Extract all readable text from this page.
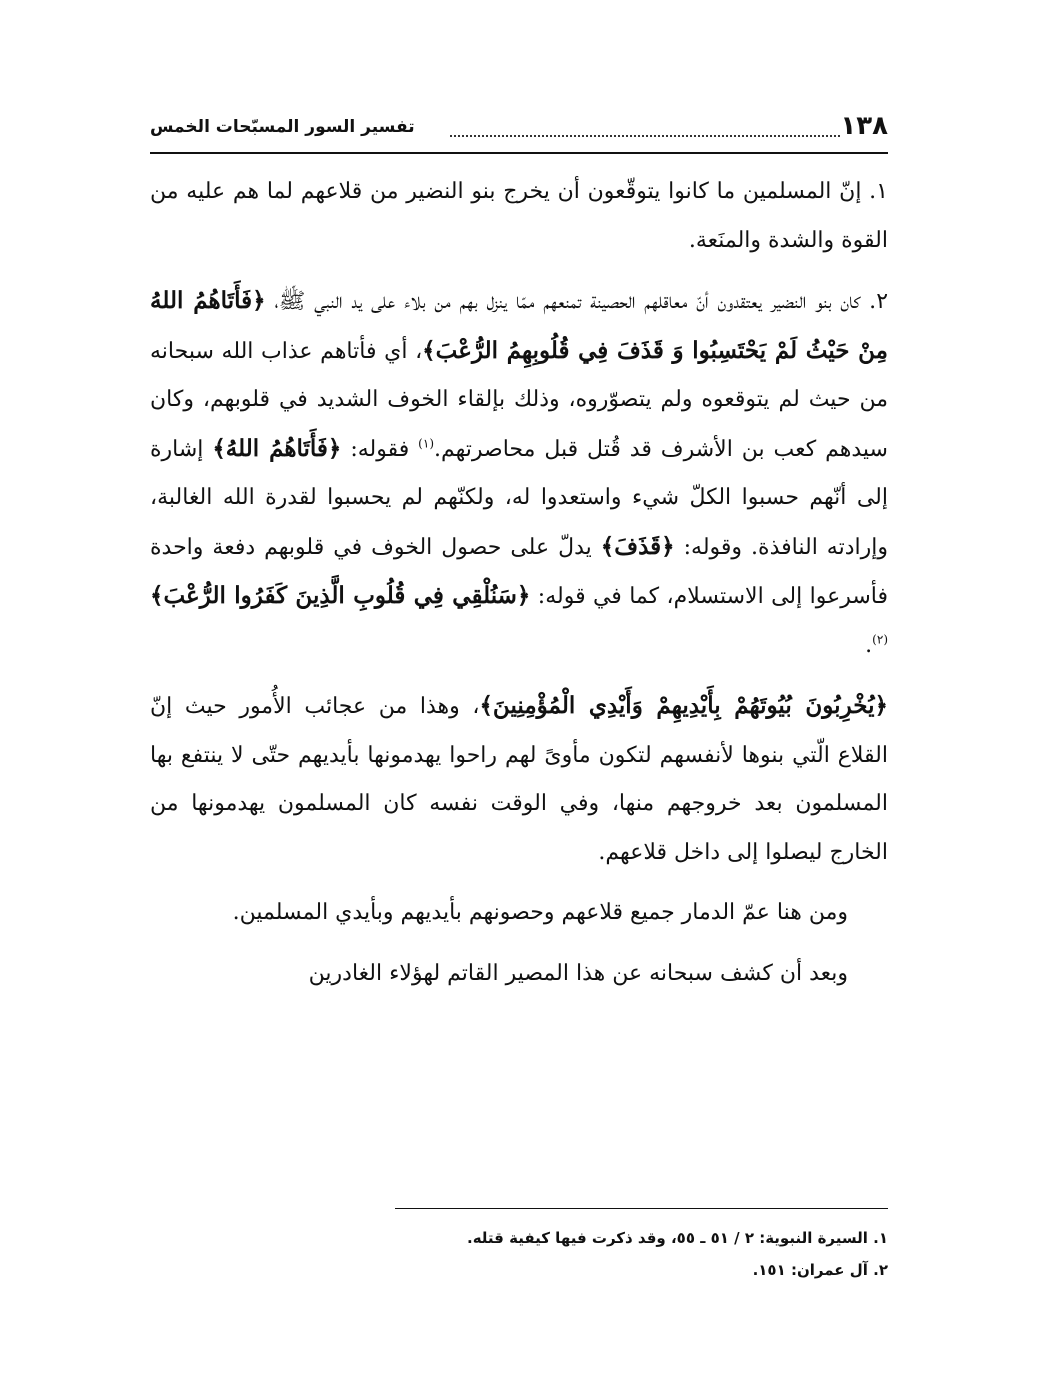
١٣٨
تفسير السور المسبّحات الخمس

١. إنّ المسلمين ما كانوا يتوقّعون أن يخرج بنو النضير من قلاعهم لما هم عليه من القوة والشدة والمنَعة.

٢. كان بنو النضير يعتقدون أنّ معاقلهم الحصينة تمنعهم ممّا ينزل بهم من بلاء على يد النبي ﷺ، ﴿فَأَتَاهُمُ اللهُ مِنْ حَيْثُ لَمْ يَحْتَسِبُوا وَ قَذَفَ فِي قُلُوبِهِمُ الرُّعْبَ﴾، أي فأتاهم عذاب الله سبحانه من حيث لم يتوقعوه ولم يتصوّروه، وذلك بإلقاء الخوف الشديد في قلوبهم، وكان سيدهم كعب بن الأشرف قد قُتل قبل محاصرتهم.$^{(١)}$ فقوله: ﴿فَأَتَاهُمُ اللهُ﴾ إشارة إلى أنّهم حسبوا الكلّ شيء واستعدوا له، ولكنّهم لم يحسبوا لقدرة الله الغالبة، وإرادته النافذة. وقوله: ﴿قَذَفَ﴾ يدلّ على حصول الخوف في قلوبهم دفعة واحدة فأسرعوا إلى الاستسلام، كما في قوله: ﴿سَنُلْقِي فِي قُلُوبِ الَّذِينَ كَفَرُوا الرُّعْبَ﴾$^{(٢)}$.

﴿يُخْرِبُونَ بُيُوتَهُمْ بِأَيْدِيهِمْ وَأَيْدِي الْمُؤْمِنِينَ﴾، وهذا من عجائب الأُمور حيث إنّ القلاع الّتي بنوها لأنفسهم لتكون مأوىً لهم راحوا يهدمونها بأيديهم حتّى لا ينتفع بها المسلمون بعد خروجهم منها، وفي الوقت نفسه كان المسلمون يهدمونها من الخارج ليصلوا إلى داخل قلاعهم.

ومن هنا عمّ الدمار جميع قلاعهم وحصونهم بأيديهم وبأيدي المسلمين.

وبعد أن كشف سبحانه عن هذا المصير القاتم لهؤلاء الغادرين

١. السيرة النبوية: ٢ / ٥١ ـ ٥٥، وقد ذكرت فيها كيفية قتله.
٢. آل عمران: ١٥١.
